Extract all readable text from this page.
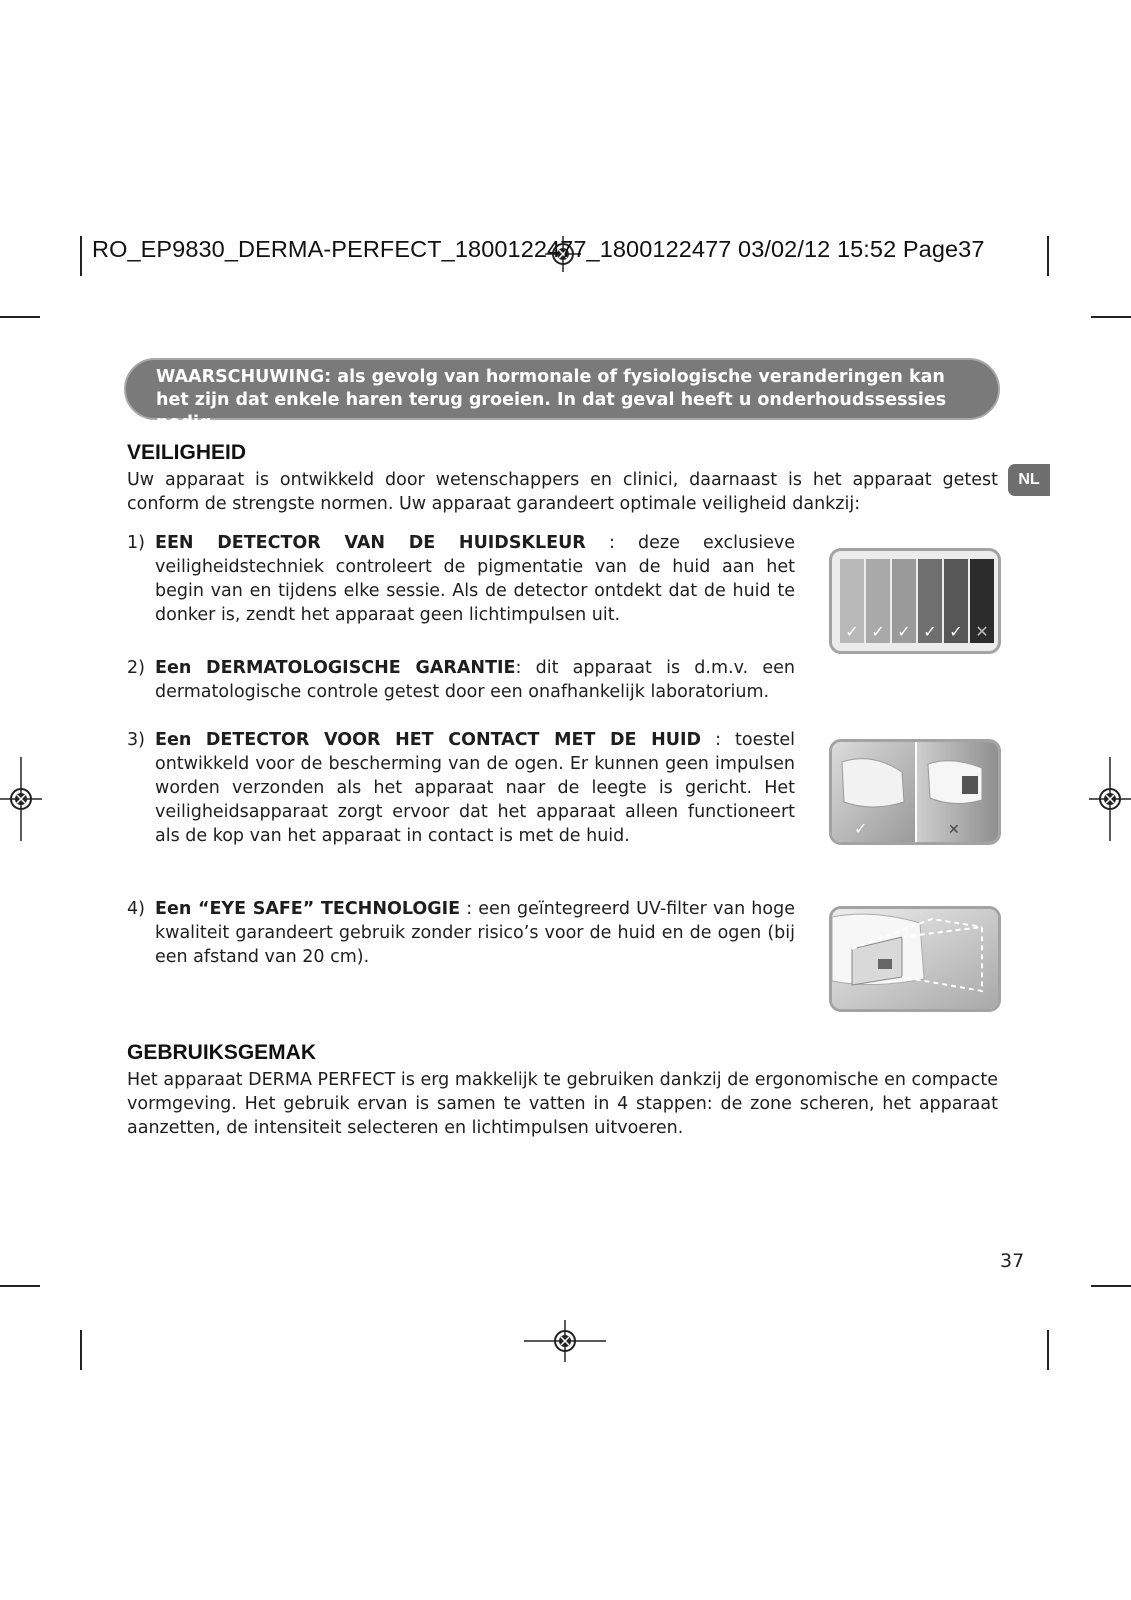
RO_EP9830_DERMA-PERFECT_1800122477_1800122477 03/02/12 15:52 Page37
WAARSCHUWING: als gevolg van hormonale of fysiologische veranderingen kan
het zijn dat enkele haren terug groeien. In dat geval heeft u onderhoudssessies nodig.
NL
VEILIGHEID
Uw apparaat is ontwikkeld door wetenschappers en clinici, daarnaast is het apparaat getest conform de strengste normen. Uw apparaat garandeert optimale veiligheid dankzij:
1) EEN DETECTOR VAN DE HUIDSKLEUR : deze exclusieve veiligheidstechniek controleert de pigmentatie van de huid aan het begin van en tijdens elke sessie. Als de detector ontdekt dat de huid te donker is, zendt het apparaat geen lichtimpulsen uit.
2) Een DERMATOLOGISCHE GARANTIE: dit apparaat is d.m.v. een dermatologische controle getest door een onafhankelijk laboratorium.
3) Een DETECTOR VOOR HET CONTACT MET DE HUID : toestel ontwikkeld voor de bescherming van de ogen. Er kunnen geen impulsen worden verzonden als het apparaat naar de leegte is gericht. Het veiligheidsapparaat zorgt ervoor dat het apparaat alleen functioneert als de kop van het apparaat in contact is met de huid.
4) Een “EYE SAFE” TECHNOLOGIE : een geïntegreerd UV-filter van hoge kwaliteit garandeert gebruik zonder risico’s voor de huid en de ogen (bij een afstand van 20 cm).
✓ ✓ ✓ ✓ ✓ ✕
✓	✕
GEBRUIKSGEMAK
Het apparaat DERMA PERFECT is erg makkelijk te gebruiken dankzij de ergonomische en compacte vormgeving. Het gebruik ervan is samen te vatten in 4 stappen: de zone scheren, het apparaat aanzetten, de intensiteit selecteren en lichtimpulsen uitvoeren.
37
